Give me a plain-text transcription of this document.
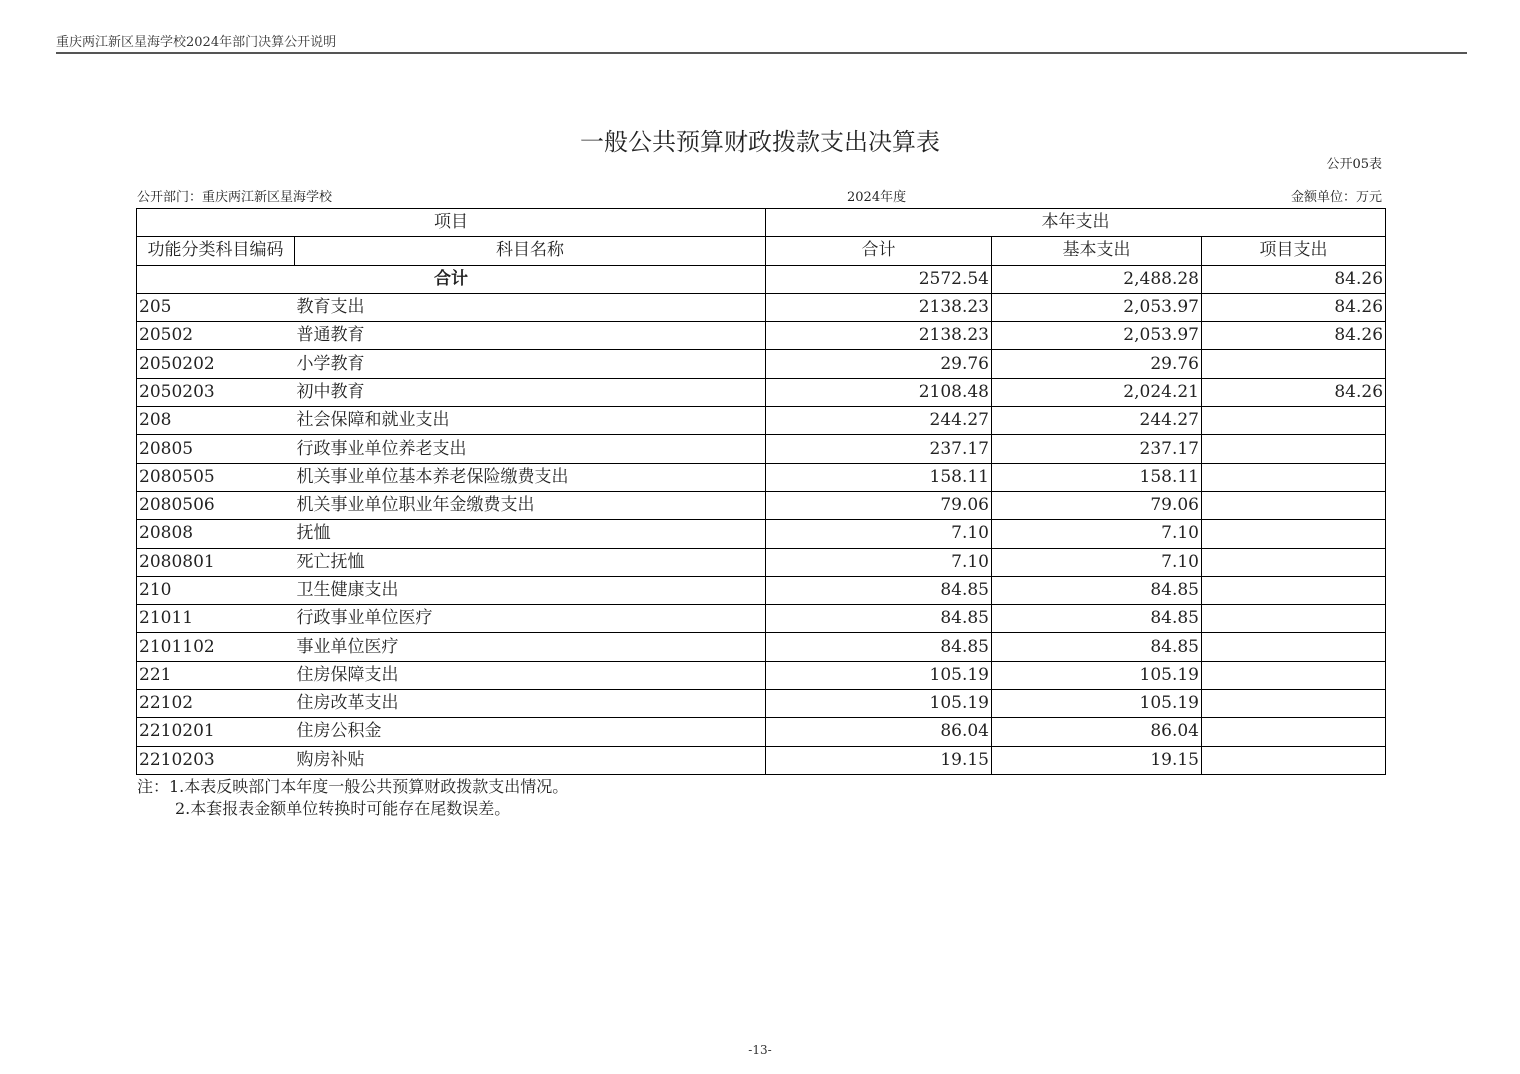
重庆两江新区星海学校2024年部门决算公开说明
一般公共预算财政拨款支出决算表
公开05表
公开部门：重庆两江新区星海学校	2024年度	金额单位：万元
项目		本年支出		
功能分类科目编码	科目名称	合计	基本支出	项目支出
合计		2572.54	2,488.28	84.26
205	教育支出	2138.23	2,053.97	84.26
20502	普通教育	2138.23	2,053.97	84.26
2050202	小学教育	29.76	29.76	
2050203	初中教育	2108.48	2,024.21	84.26
208	社会保障和就业支出	244.27	244.27	
20805	行政事业单位养老支出	237.17	237.17	
2080505	机关事业单位基本养老保险缴费支出	158.11	158.11	
2080506	机关事业单位职业年金缴费支出	79.06	79.06	
20808	抚恤	7.10	7.10	
2080801	死亡抚恤	7.10	7.10	
210	卫生健康支出	84.85	84.85	
21011	行政事业单位医疗	84.85	84.85	
2101102	事业单位医疗	84.85	84.85	
221	住房保障支出	105.19	105.19	
22102	住房改革支出	105.19	105.19	
2210201	住房公积金	86.04	86.04	
2210203	购房补贴	19.15	19.15	
注：1.本表反映部门本年度一般公共预算财政拨款支出情况。
2.本套报表金额单位转换时可能存在尾数误差。
-13-
